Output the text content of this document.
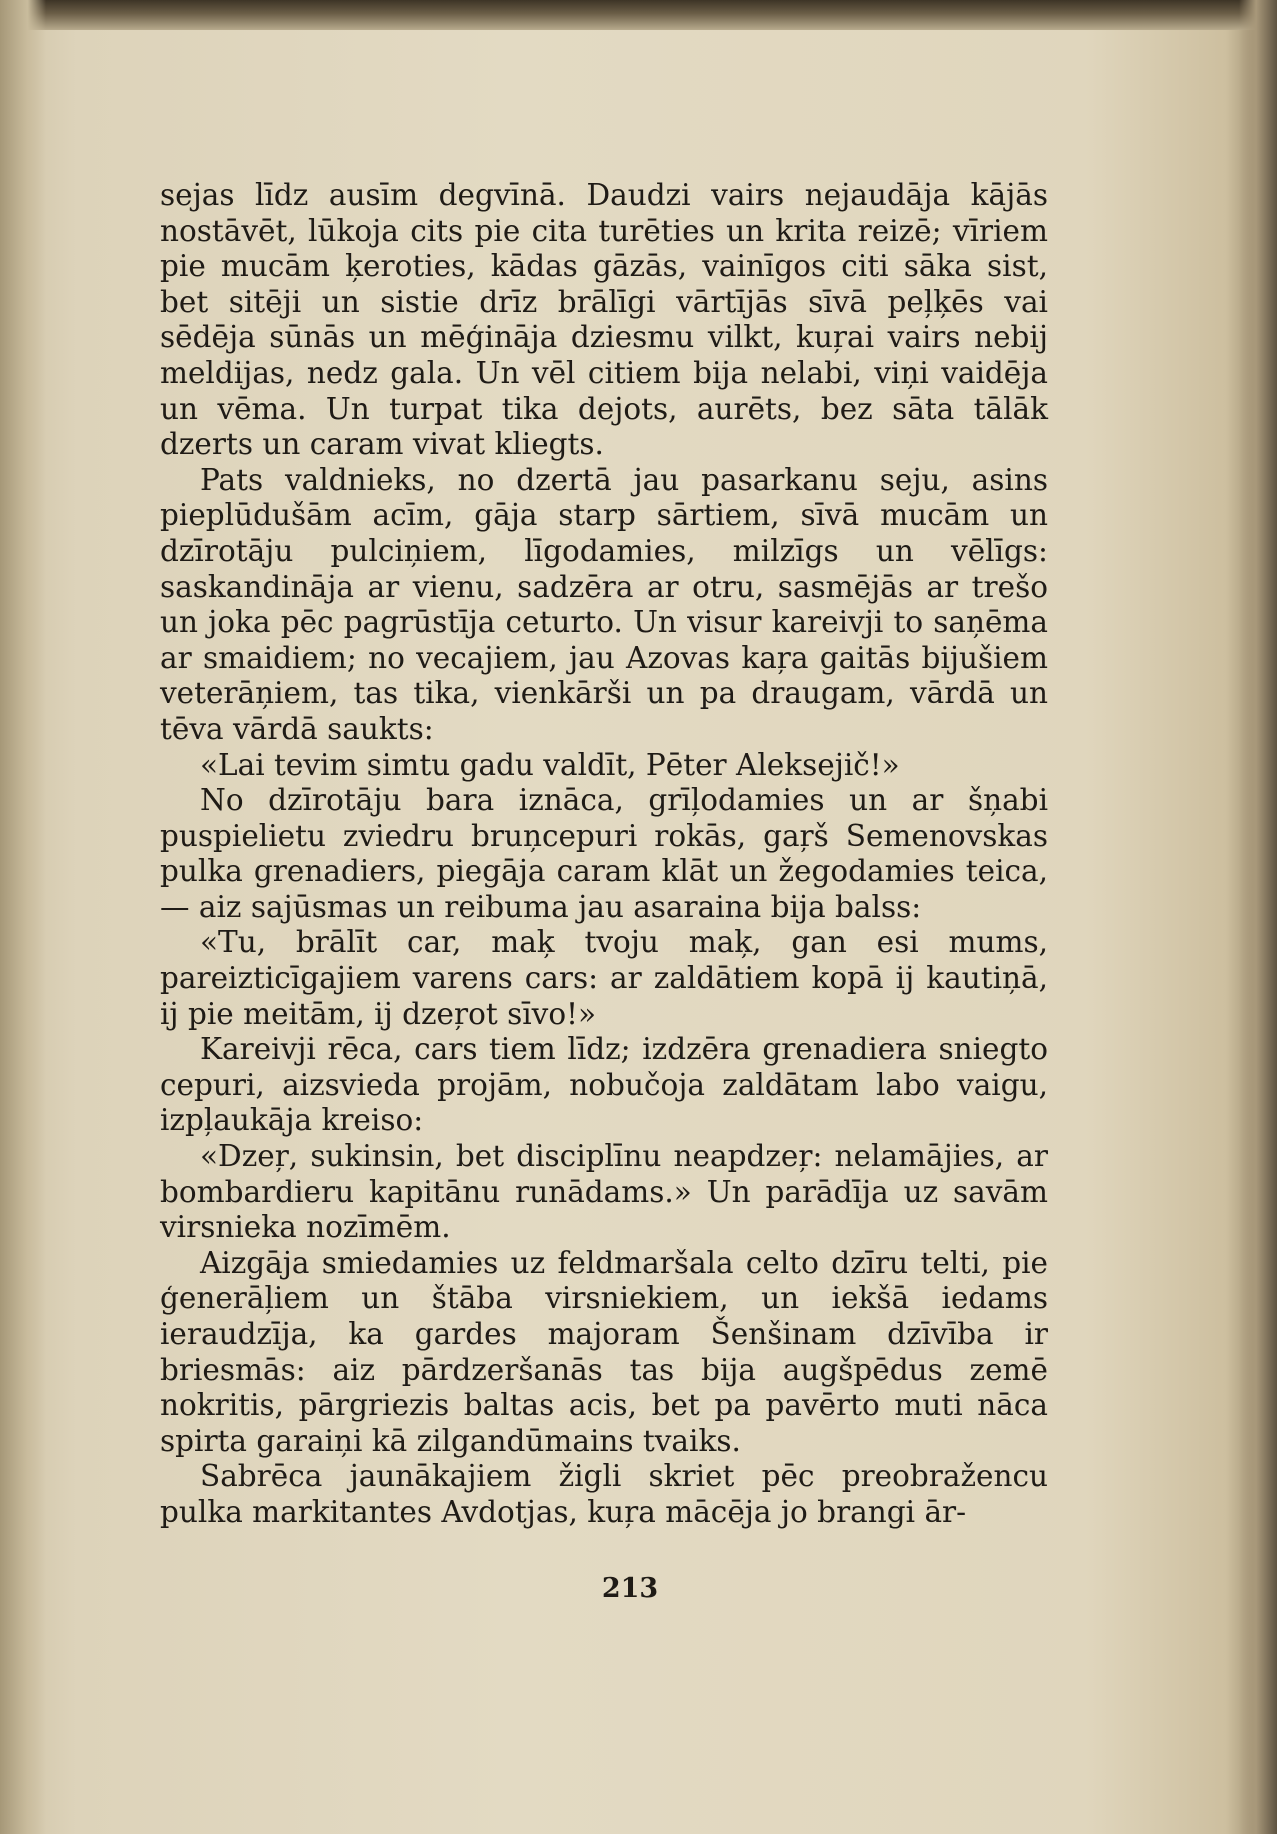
sejas līdz ausīm degvīnā. Daudzi vairs nejaudāja kājās nostāvēt, lūkoja cits pie cita turēties un krita reizē; vīriem pie mucām ķeroties, kādas gāzās, vainīgos citi sāka sist, bet sitēji un sistie drīz brālīgi vārtījās sīvā peļķēs vai sēdēja sūnās un mēģināja dziesmu vilkt, kuŗai vairs nebij meldijas, nedz gala. Un vēl citiem bija nelabi, viņi vaidēja un vēma. Un turpat tika dejots, aurēts, bez sāta tālāk dzerts un caram vivat kliegts.

Pats valdnieks, no dzertā jau pasarkanu seju, asins pieplūdušām acīm, gāja starp sārtiem, sīvā mucām un dzīrotāju pulciņiem, līgodamies, milzīgs un vēlīgs: saskandināja ar vienu, sadzēra ar otru, sasmējās ar trešo un joka pēc pagrūstīja ceturto. Un visur kareivji to saņēma ar smaidiem; no vecajiem, jau Azovas kaŗa gaitās bijušiem veterāņiem, tas tika, vienkārši un pa draugam, vārdā un tēva vārdā saukts:

«Lai tevim simtu gadu valdīt, Pēter Aleksejič!»

No dzīrotāju bara iznāca, grīļodamies un ar šņabi puspielietu zviedru bruņcepuri rokās, gaŗš Semenovskas pulka grenadiers, piegāja caram klāt un žegodamies teica, — aiz sajūsmas un reibuma jau asaraina bija balss:

«Tu, brālīt car, maķ tvoju maķ, gan esi mums, pareizticīgajiem varens cars: ar zaldātiem kopā ij kautiņā, ij pie meitām, ij dzeŗot sīvo!»

Kareivji rēca, cars tiem līdz; izdzēra grenadiera sniegto cepuri, aizsvieda projām, nobučoja zaldātam labo vaigu, izpļaukāja kreiso:

«Dzeŗ, sukinsin, bet disciplīnu neapdzeŗ: nelamājies, ar bombardieru kapitānu runādams.» Un parādīja uz savām virsnieka nozīmēm.

Aizgāja smiedamies uz feldmaršala celto dzīru telti, pie ģenerāļiem un štāba virsniekiem, un iekšā iedams ieraudzīja, ka gardes majoram Šenšinam dzīvība ir briesmās: aiz pārdzeršanās tas bija augšpēdus zemē nokritis, pārgriezis baltas acis, bet pa pavērto muti nāca spirta garaiņi kā zilgandūmains tvaiks.

Sabrēca jaunākajiem žigli skriet pēc preobražencu pulka markitantes Avdotjas, kuŗa mācēja jo brangi ār-

213
